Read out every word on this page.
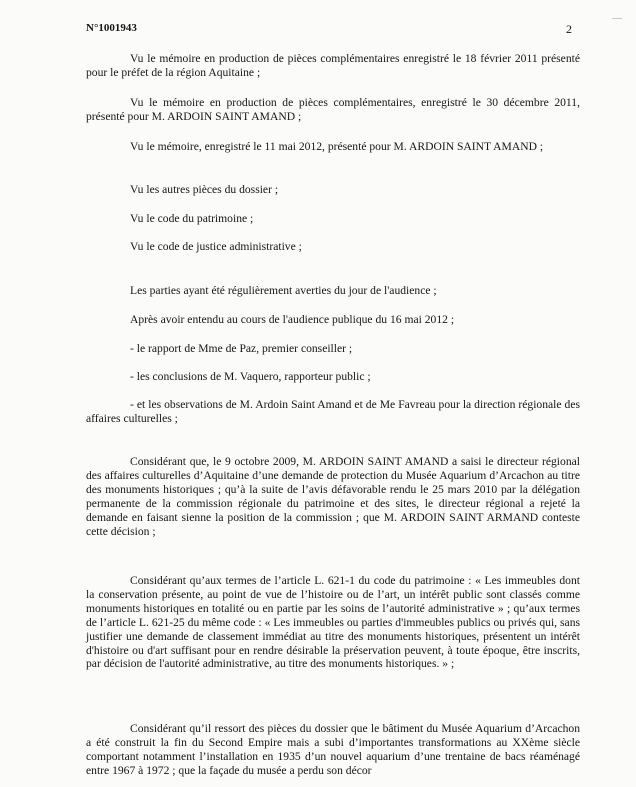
N°1001943	2

Vu le mémoire en production de pièces complémentaires enregistré le 18 février 2011 présenté pour le préfet de la région Aquitaine ;

Vu le mémoire en production de pièces complémentaires, enregistré le 30 décembre 2011, présenté pour M. ARDOIN SAINT AMAND ;

Vu le mémoire, enregistré le 11 mai 2012, présenté pour M. ARDOIN SAINT AMAND ;

Vu les autres pièces du dossier ;

Vu le code du patrimoine ;

Vu le code de justice administrative ;

Les parties ayant été régulièrement averties du jour de l'audience ;

Après avoir entendu au cours de l'audience publique du 16 mai 2012 ;

- le rapport de Mme de Paz, premier conseiller ;

- les conclusions de M. Vaquero, rapporteur public ;

- et les observations de M. Ardoin Saint Amand et de Me Favreau pour la direction régionale des affaires culturelles ;

Considérant que, le 9 octobre 2009, M. ARDOIN SAINT AMAND a saisi le directeur régional des affaires culturelles d’Aquitaine d’une demande de protection du Musée Aquarium d’Arcachon au titre des monuments historiques ; qu’à la suite de l’avis défavorable rendu le 25 mars 2010 par la délégation permanente de la commission régionale du patrimoine et des sites, le directeur régional a rejeté la demande en faisant sienne la position de la commission ; que M. ARDOIN SAINT ARMAND conteste cette décision ;

Considérant qu’aux termes de l’article L. 621-1 du code du patrimoine : « Les immeubles dont la conservation présente, au point de vue de l’histoire ou de l’art, un intérêt public sont classés comme monuments historiques en totalité ou en partie par les soins de l’autorité administrative » ; qu’aux termes de l’article L. 621-25 du même code : « Les immeubles ou parties d'immeubles publics ou privés qui, sans justifier une demande de classement immédiat au titre des monuments historiques, présentent un intérêt d'histoire ou d'art suffisant pour en rendre désirable la préservation peuvent, à toute époque, être inscrits, par décision de l'autorité administrative, au titre des monuments historiques. » ;

Considérant qu’il ressort des pièces du dossier que le bâtiment du Musée Aquarium d’Arcachon a été construit la fin du Second Empire mais a subi d’importantes transformations au XXème siècle comportant notamment l’installation en 1935 d’un nouvel aquarium d’une trentaine de bacs réaménagé entre 1967 à 1972 ; que la façade du musée a perdu son décor
